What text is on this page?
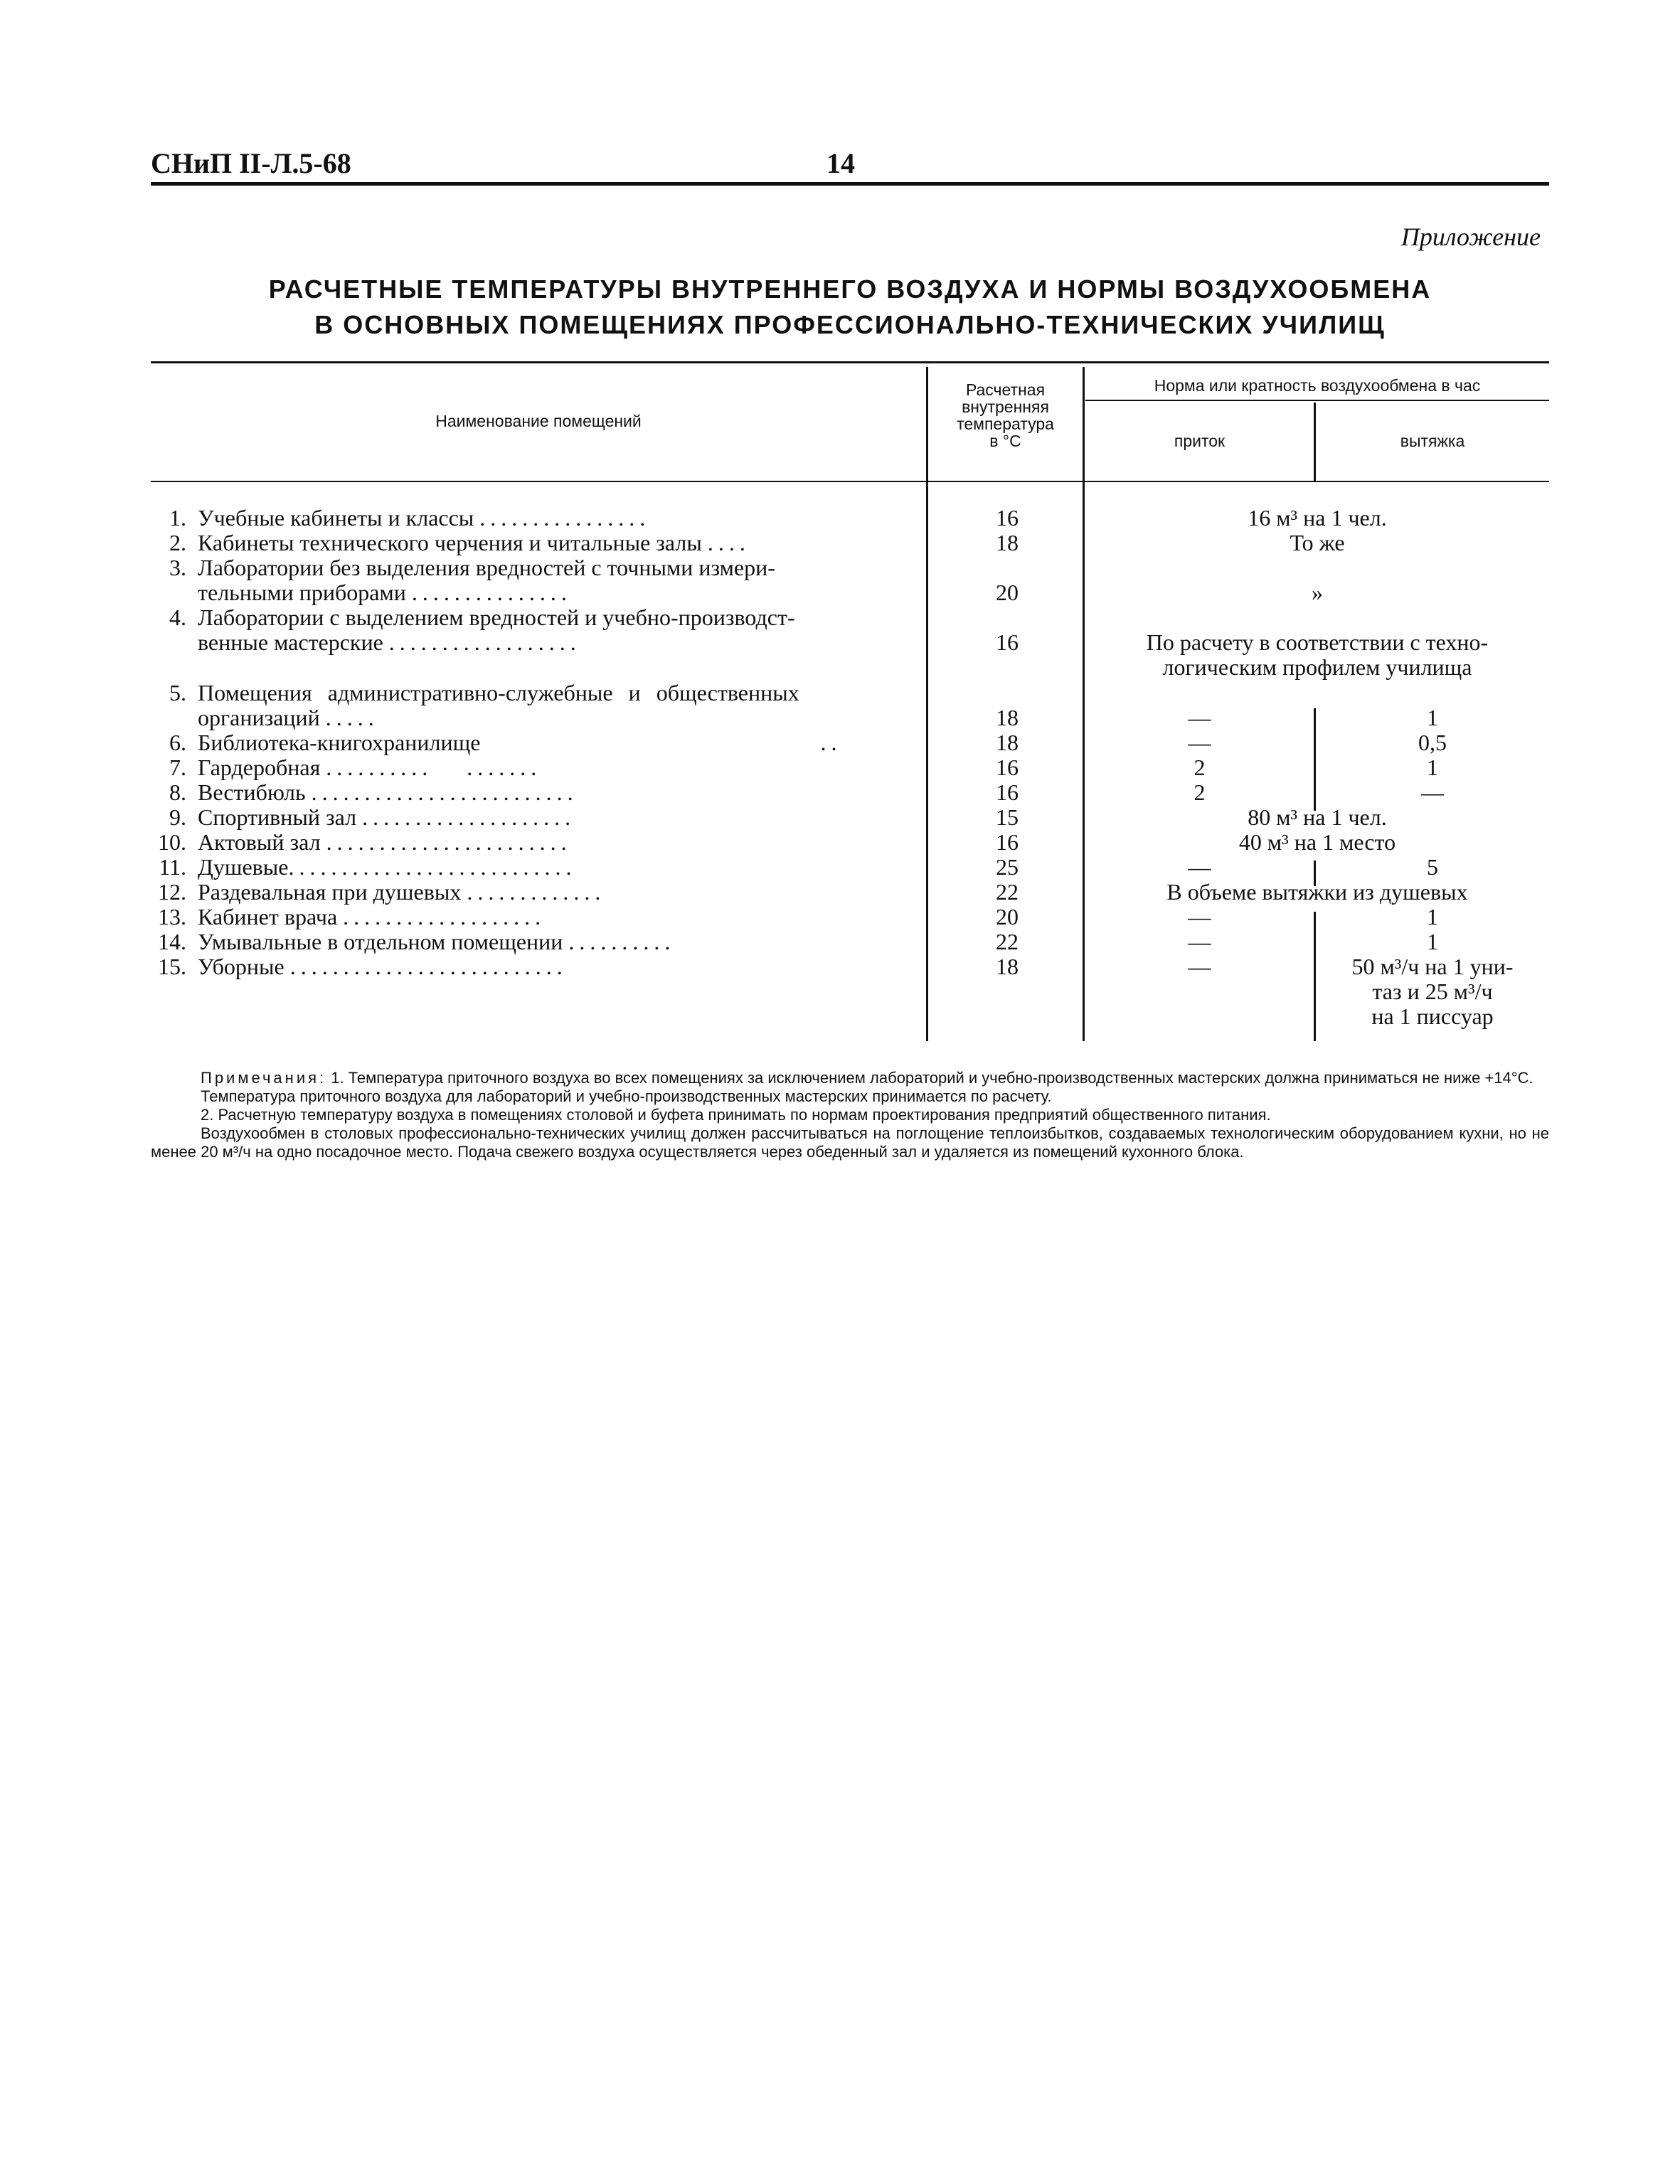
СНиП II-Л.5-68	14
Приложение
РАСЧЕТНЫЕ ТЕМПЕРАТУРЫ ВНУТРЕННЕГО ВОЗДУХА И НОРМЫ ВОЗДУХООБМЕНА
В ОСНОВНЫХ ПОМЕЩЕНИЯХ ПРОФЕССИОНАЛЬНО-ТЕХНИЧЕСКИХ УЧИЛИЩ
Наименование помещений
Расчетная
внутренняя
температура
в °С
Норма или кратность воздухообмена в час
приток	вытяжка
1. Учебные кабинеты и классы ................	16	16 м³ на 1 чел.
2. Кабинеты технического черчения и читальные залы ....	18	То же
3. Лаборатории без выделения вредностей с точными измери-
тельными приборами ...............	20	»
4. Лаборатории с выделением вредностей и учебно-производст-
венные мастерские ..................	16	По расчету в соответствии с техно-
логическим профилем училища
5. Помещения административно-служебные и общественных
организаций .....	18	—	1
6. Библиотека-книгохранилище	..	18	—	0,5
7. Гардеробная .......... .......	16	2	1
8. Вестибюль .........................	16	2	—
9. Спортивный зал ....................	15	80 м³ на 1 чел.
10. Актовый зал .......................	16	40 м³ на 1 место
11. Душевые...........................	25	—	5
12. Раздевальная при душевых .............	22	В объеме вытяжки из душевых
13. Кабинет врача ...................	20	—	1
14. Умывальные в отдельном помещении ..........	22	—	1
15. Уборные ..........................	18	—	50 м³/ч на 1 уни-
таз и 25 м³/ч
на 1 писсуар

Примечания: 1. Температура приточного воздуха во всех помещениях за исключением лабораторий и учебно-производственных мастерских должна приниматься не ниже +14°С.

Температура приточного воздуха для лабораторий и учебно-производственных мастерских принимается по расчету.

2. Расчетную температуру воздуха в помещениях столовой и буфета принимать по нормам проектирования предприятий общественного питания.

Воздухообмен в столовых профессионально-технических училищ должен рассчитываться на поглощение теплоизбытков, создаваемых технологическим оборудованием кухни, но не менее 20 м³/ч на одно посадочное место. Подача свежего воздуха осуществляется через обеденный зал и удаляется из помещений кухонного блока.
